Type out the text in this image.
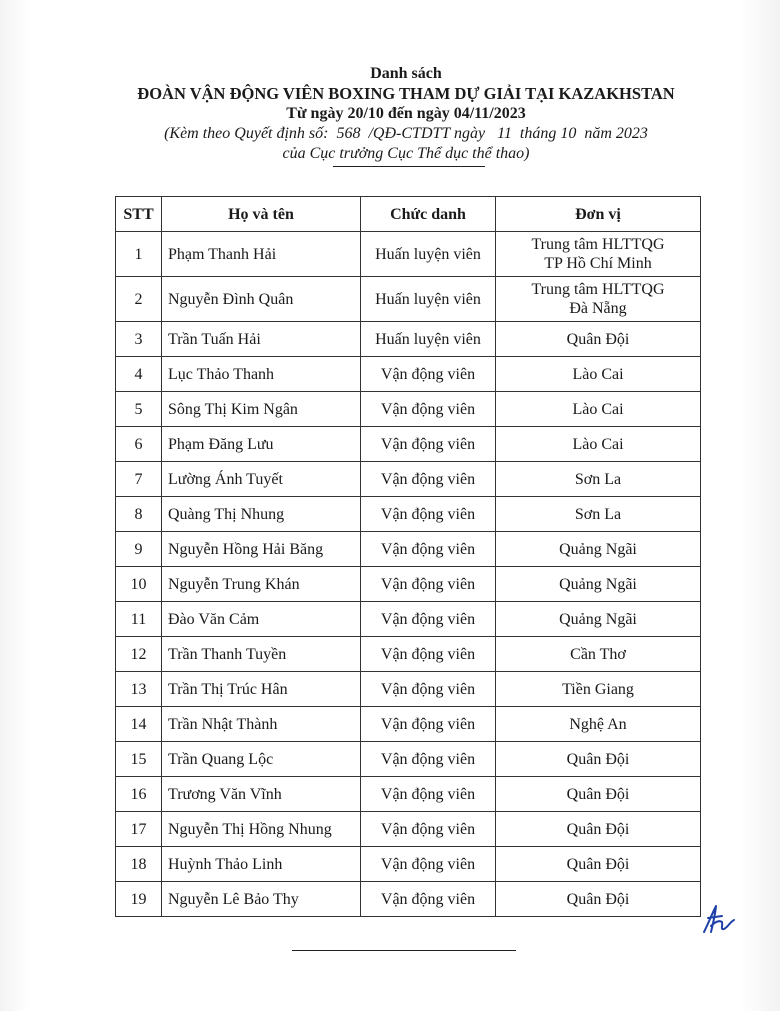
Danh sách
ĐOÀN VẬN ĐỘNG VIÊN BOXING THAM DỰ GIẢI TẠI KAZAKHSTAN
Từ ngày 20/10 đến ngày 04/11/2023
(Kèm theo Quyết định số:  568  /QĐ-CTDTT ngày   11  tháng 10  năm 2023
của Cục trưởng Cục Thể dục thể thao)
STT	Họ và tên	Chức danh	Đơn vị
1	Phạm Thanh Hải	Huấn luyện viên	Trung tâm HLTTQG
TP Hồ Chí Minh

2	Nguyễn Đình Quân	Huấn luyện viên	Trung tâm HLTTQG
Đà Nẵng

3	Trần Tuấn Hải	Huấn luyện viên	Quân Đội

4	Lục Thảo Thanh	Vận động viên	Lào Cai

5	Sông Thị Kim Ngân	Vận động viên	Lào Cai

6	Phạm Đăng Lưu	Vận động viên	Lào Cai

7	Lường Ánh Tuyết	Vận động viên	Sơn La

8	Quàng Thị Nhung	Vận động viên	Sơn La

9	Nguyễn Hồng Hải Băng	Vận động viên	Quảng Ngãi

10	Nguyễn Trung Khán	Vận động viên	Quảng Ngãi

11	Đào Văn Cảm	Vận động viên	Quảng Ngãi

12	Trần Thanh Tuyền	Vận động viên	Cần Thơ

13	Trần Thị Trúc Hân	Vận động viên	Tiền Giang

14	Trần Nhật Thành	Vận động viên	Nghệ An

15	Trần Quang Lộc	Vận động viên	Quân Đội

16	Trương Văn Vĩnh	Vận động viên	Quân Đội

17	Nguyễn Thị Hồng Nhung	Vận động viên	Quân Đội

18	Huỳnh Thảo Linh	Vận động viên	Quân Đội

19	Nguyễn Lê Bảo Thy	Vận động viên	Quân Đội
